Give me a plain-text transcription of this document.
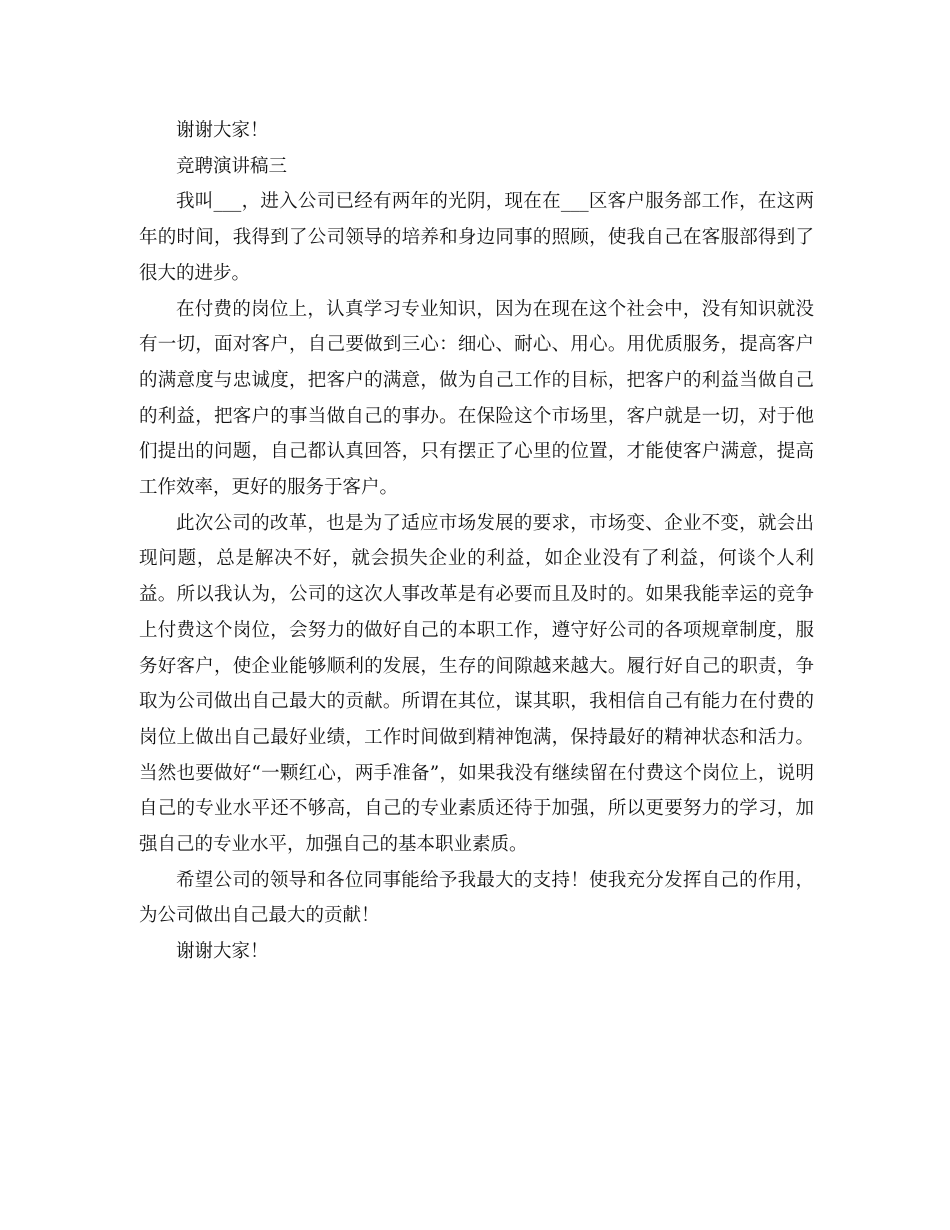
谢谢大家！

竞聘演讲稿三

我叫___，进入公司已经有两年的光阴，现在在___区客户服务部工作，在这两年的时间，我得到了公司领导的培养和身边同事的照顾，使我自己在客服部得到了很大的进步。

在付费的岗位上，认真学习专业知识，因为在现在这个社会中，没有知识就没有一切，面对客户，自己要做到三心：细心、耐心、用心。用优质服务，提高客户的满意度与忠诚度，把客户的满意，做为自己工作的目标，把客户的利益当做自己的利益，把客户的事当做自己的事办。在保险这个市场里，客户就是一切，对于他们提出的问题，自己都认真回答，只有摆正了心里的位置，才能使客户满意，提高工作效率，更好的服务于客户。

此次公司的改革，也是为了适应市场发展的要求，市场变、企业不变，就会出现问题，总是解决不好，就会损失企业的利益，如企业没有了利益，何谈个人利益。所以我认为，公司的这次人事改革是有必要而且及时的。如果我能幸运的竞争上付费这个岗位，会努力的做好自己的本职工作，遵守好公司的各项规章制度，服务好客户，使企业能够顺利的发展，生存的间隙越来越大。履行好自己的职责，争取为公司做出自己最大的贡献。所谓在其位，谋其职，我相信自己有能力在付费的岗位上做出自己最好业绩，工作时间做到精神饱满，保持最好的精神状态和活力。当然也要做好“一颗红心，两手准备”，如果我没有继续留在付费这个岗位上，说明自己的专业水平还不够高，自己的专业素质还待于加强，所以更要努力的学习，加强自己的专业水平，加强自己的基本职业素质。

希望公司的领导和各位同事能给予我最大的支持！使我充分发挥自己的作用，为公司做出自己最大的贡献！

谢谢大家！
